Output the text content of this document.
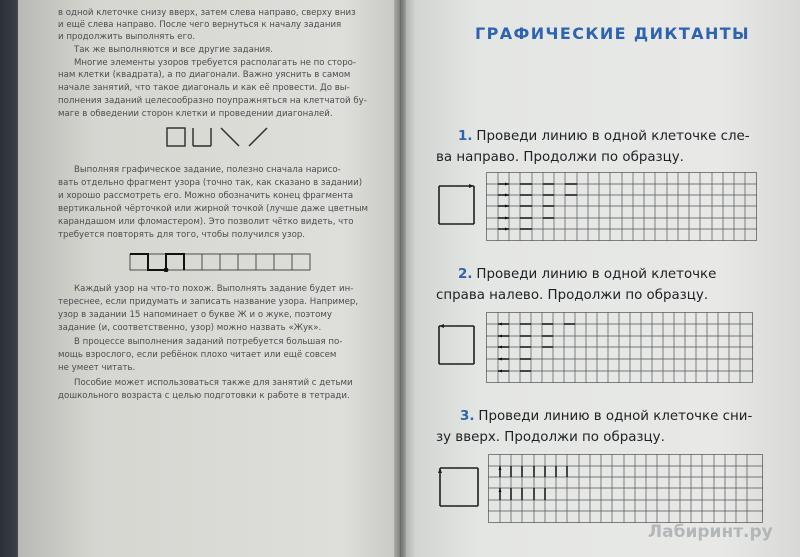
в одной клеточке снизу вверх, затем слева направо, сверху вниз
и ещё слева направо. После чего вернуться к началу задания
и продолжить выполнять его.
Так же выполняются и все другие задания.
Многие элементы узоров требуется располагать не по сторо-
нам клетки (квадрата), а по диагонали. Важно уяснить в самом
начале занятий, что такое диагональ и как её провести. До вы-
полнения заданий целесообразно поупражняться на клетчатой бу-
маге в обведении сторон клетки и проведении диагоналей.
Выполняя графическое задание, полезно сначала нарисо-
вать отдельно фрагмент узора (точно так, как сказано в задании)
и хорошо рассмотреть его. Можно обозначить конец фрагмента
вертикальной чёрточкой или жирной точкой (лучше даже цветным
карандашом или фломастером). Это позволит чётко видеть, что
требуется повторять для того, чтобы получился узор.
Каждый узор на что-то похож. Выполнять задание будет ин-
тереснее, если придумать и записать название узора. Например,
узор в задании 15 напоминает о букве Ж и о жуке, поэтому
задание (и, соответственно, узор) можно назвать «Жук».
В процессе выполнения заданий потребуется большая по-
мощь взрослого, если ребёнок плохо читает или ещё совсем
не умеет читать.
Пособие может использоваться также для занятий с детьми
дошкольного возраста с целью подготовки к работе в тетради.
ГРАФИЧЕСКИЕ ДИКТАНТЫ
1. Проведи линию в одной клеточке сле-
ва направо. Продолжи по образцу.
2. Проведи линию в одной клеточке
справа налево. Продолжи по образцу.
3. Проведи линию в одной клеточке сни-
зу вверх. Продолжи по образцу.
Лабиринт.ру
